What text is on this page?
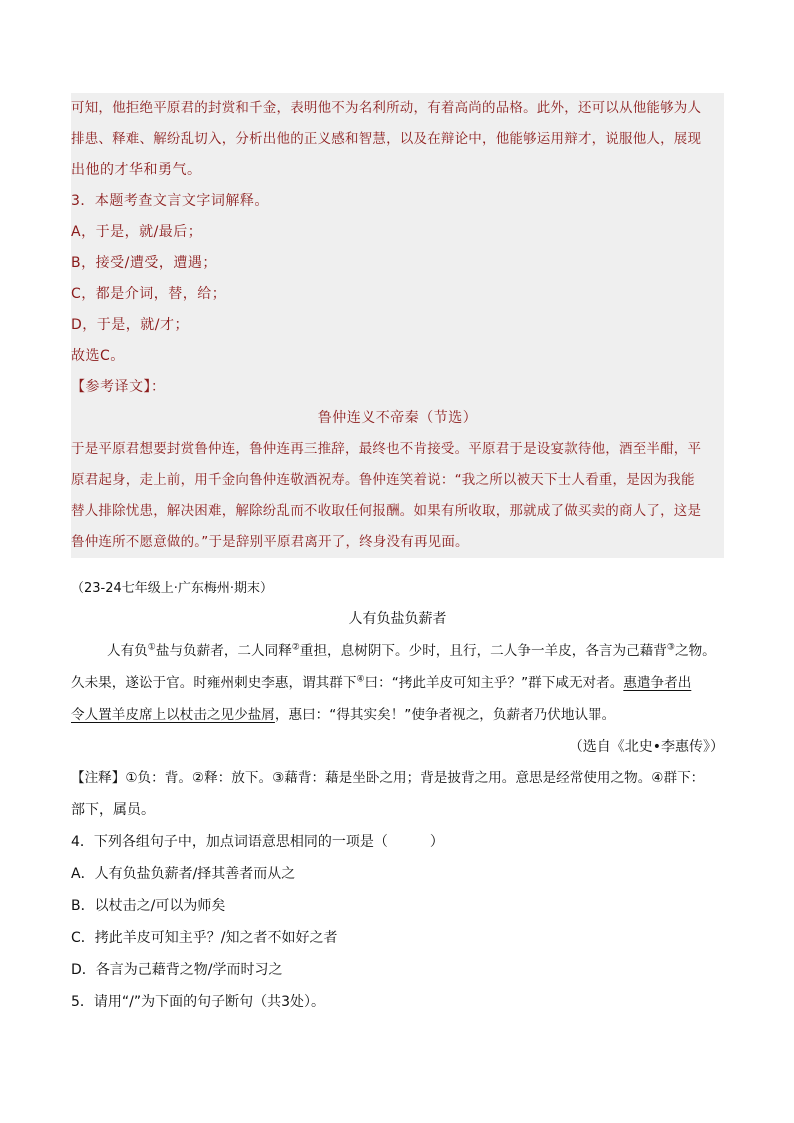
可知，他拒绝平原君的封赏和千金，表明他不为名利所动，有着高尚的品格。此外，还可以从他能够为人
排患、释难、解纷乱切入，分析出他的正义感和智慧，以及在辩论中，他能够运用辩才，说服他人，展现
出他的才华和勇气。
3．本题考查文言文字词解释。
A，于是，就/最后；
B，接受/遭受，遭遇；
C，都是介词，替，给；
D，于是，就/才；
故选C。
【参考译文】：
鲁仲连义不帝秦（节选）
于是平原君想要封赏鲁仲连，鲁仲连再三推辞，最终也不肯接受。平原君于是设宴款待他，酒至半酣，平
原君起身，走上前，用千金向鲁仲连敬酒祝寿。鲁仲连笑着说：“我之所以被天下士人看重，是因为我能
替人排除忧患，解决困难，解除纷乱而不收取任何报酬。如果有所收取，那就成了做买卖的商人了，这是
鲁仲连所不愿意做的。”于是辞别平原君离开了，终身没有再见面。
（23-24七年级上·广东梅州·期末）
人有负盐负薪者
人有负①盐与负薪者，二人同释②重担，息树阴下。少时，且行，二人争一羊皮，各言为己藉背③之物。
久未果，遂讼于官。时雍州刺史李惠，谓其群下④曰：“拷此羊皮可知主乎？”群下咸无对者。惠遣争者出
令人置羊皮席上以杖击之见少盐屑，惠曰：“得其实矣！”使争者视之，负薪者乃伏地认罪。
（选自《北史•李惠传》）
【注释】①负：背。②释：放下。③藉背：藉是坐卧之用；背是披背之用。意思是经常使用之物。④群下：
部下，属员。
4．下列各组句子中，加点词语意思相同的一项是（　　　）
A．人有负盐负薪者/择其善者而从之
B．以杖击之/可以为师矣
C．拷此羊皮可知主乎？/知之者不如好之者
D．各言为己藉背之物/学而时习之
5．请用“/”为下面的句子断句（共3处）。
